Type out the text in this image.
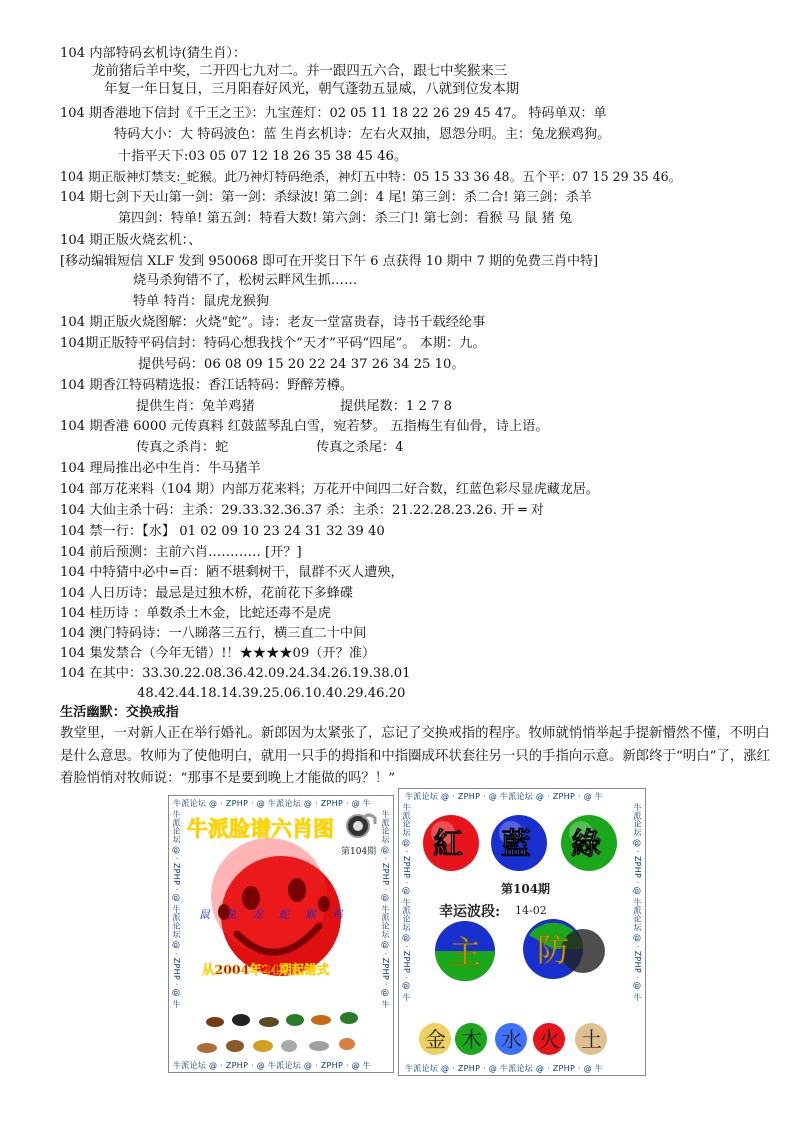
104 内部特码玄机诗(猜生肖）：
龙前猪后羊中奖，二开四七九对二。并一跟四五六合，跟七中奖猴来三
年复一年日复日，三月阳春好风光，朝气蓬勃五显威，八就到位发本期
104 期香港地下信封《千王之王》：九宝莲灯：02 05 11 18 22 26 29 45 47。 特码单双：单
特码大小：大 特码波色：蓝 生肖玄机诗：左右火双抽，恩怨分明。主：兔龙猴鸡狗。
十指平天下:03 05 07 12 18 26 35 38 45 46。
104 期正版神灯禁支:_蛇猴。此乃神灯特码绝杀，神灯五中特：05 15 33 36 48。五个平：07 15 29 35 46。
104 期七剑下天山第一剑：第一剑：杀绿波! 第二剑：4 尾! 第三剑：杀二合! 第三剑：杀羊
第四剑：特单! 第五剑：特看大数! 第六剑：杀三门! 第七剑：看猴 马 鼠 猪 兔
104 期正版火烧玄机：、
[移动编辑短信 XLF 发到 950068 即可在开奖日下午 6 点获得 10 期中 7 期的免费三肖中特]
烧马杀狗错不了，松树云畔风生抓……
特单 特肖：鼠虎龙猴狗
104 期正版火烧图解：火烧“蛇”。诗：老友一堂富贵春，诗书千载经纶事
104期正版特平码信封：特码心想我找个“天才”平码“四尾”。 本期：九。
提供号码：06 08 09 15 20 22 24 37 26 34 25 10。
104 期香江特码精选报：香江话特码：野醉芳樽。
提供生肖：兔羊鸡猪	提供尾数：1 2 7 8
104 期香港 6000 元传真料 红鼓蓝琴乱白雪，宛若梦。 五指梅生有仙骨，诗上语。
传真之杀肖：蛇	传真之杀尾：4
104 理局推出必中生肖：牛马猪羊
104 部万花来料（104 期）内部万花来料；万花开中间四二好合数，红蓝色彩尽显虎藏龙居。
104 大仙主杀十码：主杀：29.33.32.36.37 杀：主杀：21.22.28.23.26. 开 ═ 对
104 禁一行：【水】 01 02 09 10 23 24 31 32 39 40
104 前后预测：主前六肖………… [开？]
104 中特猜中必中=百：陋不堪剩树干，鼠群不灭人遭殃，
104 人日历诗：最忌是过独木桥，花前花下多蜂碟
104 桂历诗 ：单数杀土木金，比蛇还毒不是虎
104 澳门特码诗：一八睇落三五行，横三直二十中间
104 集发禁合（今年无错）!！★★★★09（开？准）
104 在其中：33.30.22.08.36.42.09.24.34.26.19.38.01
48.42.44.18.14.39.25.06.10.40.29.46.20
生活幽默：交换戒指
教堂里，一对新人正在举行婚礼。新郎因为太紧张了，忘记了交换戒指的程序。牧师就悄悄举起手提新懵然不懂，不明白是什么意思。牧师为了使他明白，就用一只手的拇指和中指圈成环状套往另一只的手指向示意。新郎终于“明白”了，涨红着脸悄悄对牧师说：“那事不是要到晚上才能做的吗？！”
牛派论坛 @ · ZPHP · @ 牛派论坛 @ · ZPHP · @ 牛
牛派论坛 @ · ZPHP · @ 牛派论坛 @ · ZPHP · @ 牛
牛派论坛 @ · ZPHP · @ 牛派论坛 @ · ZPHP · @ 牛	牛派论坛 @ · ZPHP · @ 牛派论坛 @ · ZPHP · @ 牛
牛派脸谱六肖图
第104期
鼠 兔 龙 蛇 猴 鸡
从2004年24期起错式
牛派论坛 @ · ZPHP · @ 牛派论坛 @ · ZPHP · @ 牛
牛派论坛 @ · ZPHP · @ 牛派论坛 @ · ZPHP · @ 牛
牛派论坛 @ · ZPHP · @ 牛派论坛 @ · ZPHP · @ 牛	牛派论坛 @ · ZPHP · @ 牛派论坛 @ · ZPHP · @ 牛
紅 藍 綠
第104期
幸运波段: 14-02
主 防
金 木 水 火 土
